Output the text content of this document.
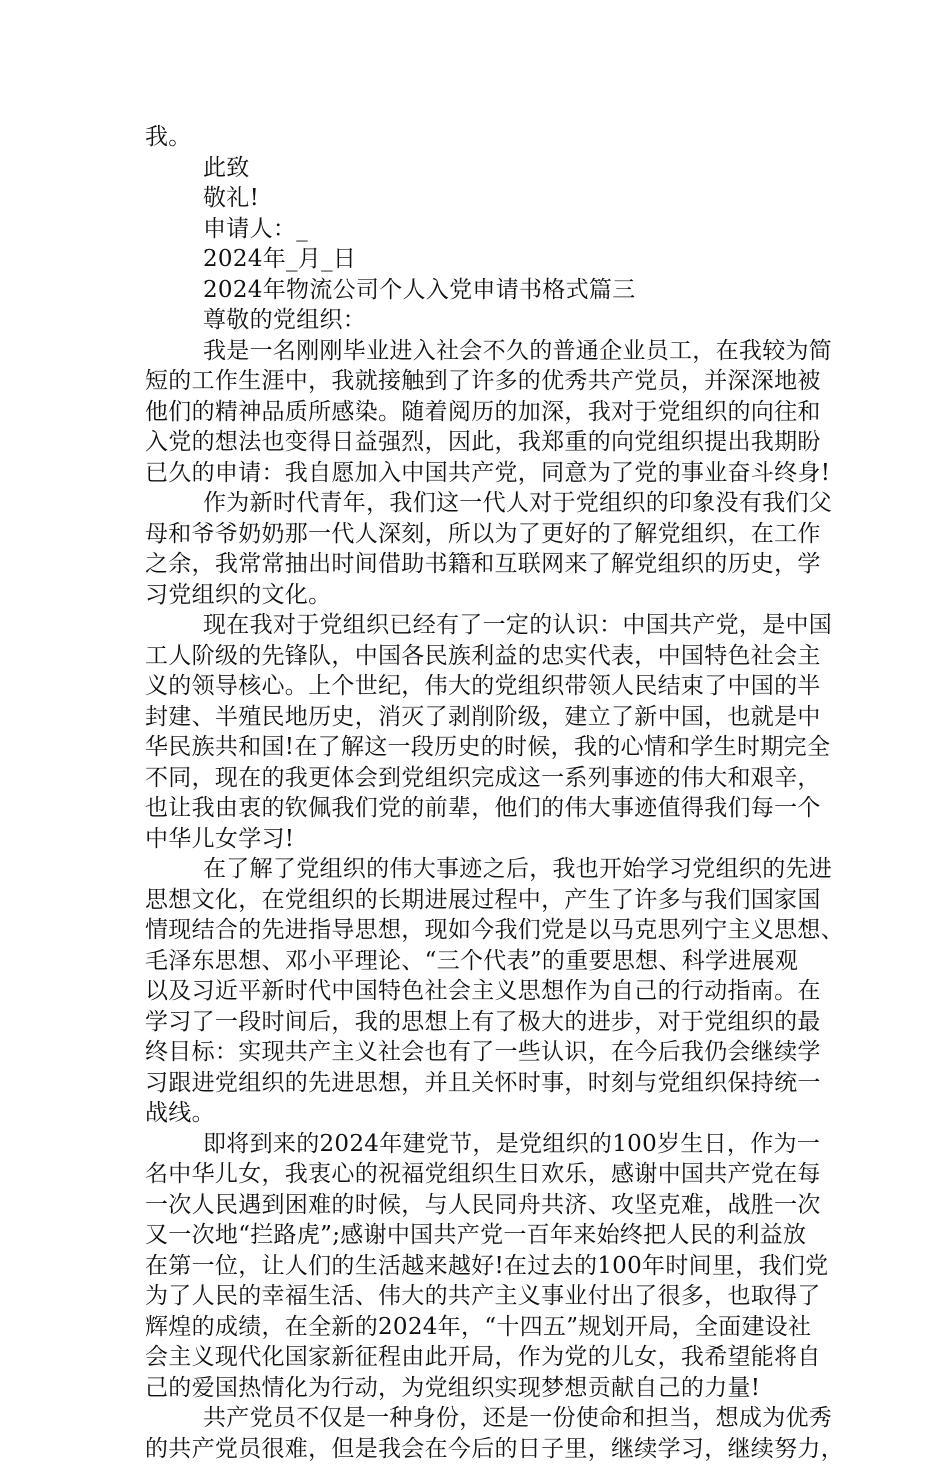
我。
此致
敬礼!
申请人：_
2024年_月_日
2024年物流公司个人入党申请书格式篇三
尊敬的党组织：
我是一名刚刚毕业进入社会不久的普通企业员工，在我较为简
短的工作生涯中，我就接触到了许多的优秀共产党员，并深深地被
他们的精神品质所感染。随着阅历的加深，我对于党组织的向往和
入党的想法也变得日益强烈，因此，我郑重的向党组织提出我期盼
已久的申请：我自愿加入中国共产党，同意为了党的事业奋斗终身!
作为新时代青年，我们这一代人对于党组织的印象没有我们父
母和爷爷奶奶那一代人深刻，所以为了更好的了解党组织，在工作
之余，我常常抽出时间借助书籍和互联网来了解党组织的历史，学
习党组织的文化。
现在我对于党组织已经有了一定的认识：中国共产党，是中国
工人阶级的先锋队，中国各民族利益的忠实代表，中国特色社会主
义的领导核心。上个世纪，伟大的党组织带领人民结束了中国的半
封建、半殖民地历史，消灭了剥削阶级，建立了新中国，也就是中
华民族共和国!在了解这一段历史的时候，我的心情和学生时期完全
不同，现在的我更体会到党组织完成这一系列事迹的伟大和艰辛，
也让我由衷的钦佩我们党的前辈，他们的伟大事迹值得我们每一个
中华儿女学习!
在了解了党组织的伟大事迹之后，我也开始学习党组织的先进
思想文化，在党组织的长期进展过程中，产生了许多与我们国家国
情现结合的先进指导思想，现如今我们党是以马克思列宁主义思想、
毛泽东思想、邓小平理论、“三个代表”的重要思想、科学进展观
以及习近平新时代中国特色社会主义思想作为自己的行动指南。在
学习了一段时间后，我的思想上有了极大的进步，对于党组织的最
终目标：实现共产主义社会也有了一些认识，在今后我仍会继续学
习跟进党组织的先进思想，并且关怀时事，时刻与党组织保持统一
战线。
即将到来的2024年建党节，是党组织的100岁生日，作为一
名中华儿女，我衷心的祝福党组织生日欢乐，感谢中国共产党在每
一次人民遇到困难的时候，与人民同舟共济、攻坚克难，战胜一次
又一次地“拦路虎”;感谢中国共产党一百年来始终把人民的利益放
在第一位，让人们的生活越来越好!在过去的100年时间里，我们党
为了人民的幸福生活、伟大的共产主义事业付出了很多，也取得了
辉煌的成绩，在全新的2024年，“十四五”规划开局，全面建设社
会主义现代化国家新征程由此开局，作为党的儿女，我希望能将自
己的爱国热情化为行动，为党组织实现梦想贡献自己的力量!
共产党员不仅是一种身份，还是一份使命和担当，想成为优秀
的共产党员很难，但是我会在今后的日子里，继续学习，继续努力，
